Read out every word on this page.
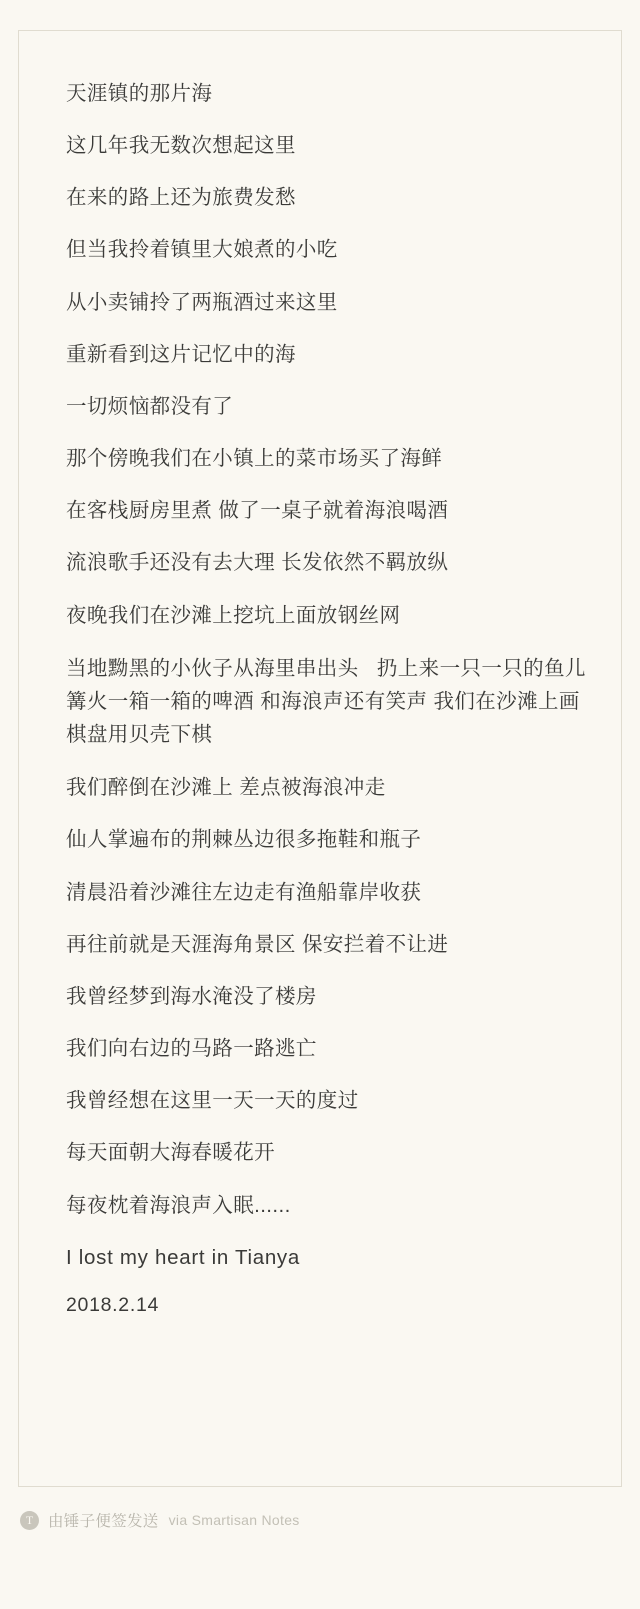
天涯镇的那片海

这几年我无数次想起这里

在来的路上还为旅费发愁

但当我拎着镇里大娘煮的小吃

从小卖铺拎了两瓶酒过来这里

重新看到这片记忆中的海

一切烦恼都没有了

那个傍晚我们在小镇上的菜市场买了海鲜

在客栈厨房里煮 做了一桌子就着海浪喝酒

流浪歌手还没有去大理 长发依然不羁放纵

夜晚我们在沙滩上挖坑上面放钢丝网

当地黝黑的小伙子从海里串出头   扔上来一只一只的鱼儿  篝火一箱一箱的啤酒 和海浪声还有笑声 我们在沙滩上画棋盘用贝壳下棋

我们醉倒在沙滩上 差点被海浪冲走

仙人掌遍布的荆棘丛边很多拖鞋和瓶子

清晨沿着沙滩往左边走有渔船靠岸收获

再往前就是天涯海角景区 保安拦着不让进

我曾经梦到海水淹没了楼房

我们向右边的马路一路逃亡

我曾经想在这里一天一天的度过

每天面朝大海春暖花开

每夜枕着海浪声入眠......

I lost my heart in Tianya

2018.2.14

T 由锤子便签发送 via Smartisan Notes
